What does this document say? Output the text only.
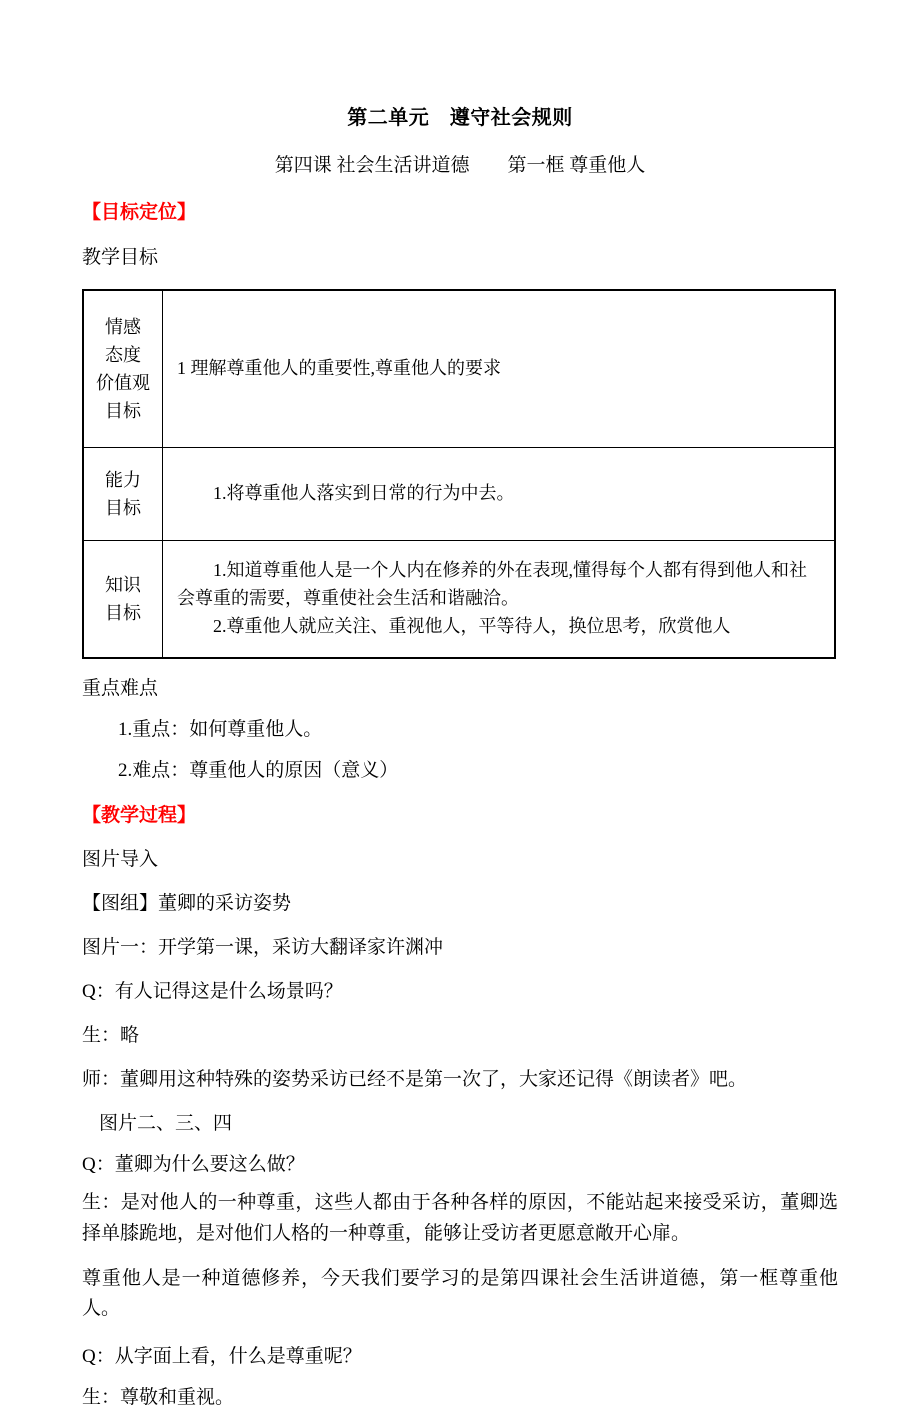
第二单元　遵守社会规则
第四课 社会生活讲道德　　第一框 尊重他人
【目标定位】
教学目标
情感
态度
价值观
目标	1 理解尊重他人的重要性,尊重他人的要求

能力
目标	1.将尊重他人落实到日常的行为中去。

知识
目标	1.知道尊重他人是一个人内在修养的外在表现,懂得每个人都有得到他人和社会尊重的需要，尊重使社会生活和谐融洽。
2.尊重他人就应关注、重视他人，平等待人，换位思考，欣赏他人
重点难点
1.重点：如何尊重他人。
2.难点：尊重他人的原因（意义）
【教学过程】
图片导入
【图组】董卿的采访姿势
图片一：开学第一课，采访大翻译家许渊冲
Q：有人记得这是什么场景吗？
生：略
师：董卿用这种特殊的姿势采访已经不是第一次了，大家还记得《朗读者》吧。
图片二、三、四
Q：董卿为什么要这么做？
生：是对他人的一种尊重，这些人都由于各种各样的原因，不能站起来接受采访，董卿选择单膝跪地，是对他们人格的一种尊重，能够让受访者更愿意敞开心扉。
尊重他人是一种道德修养，今天我们要学习的是第四课社会生活讲道德，第一框尊重他人。
Q：从字面上看，什么是尊重呢？
生：尊敬和重视。
